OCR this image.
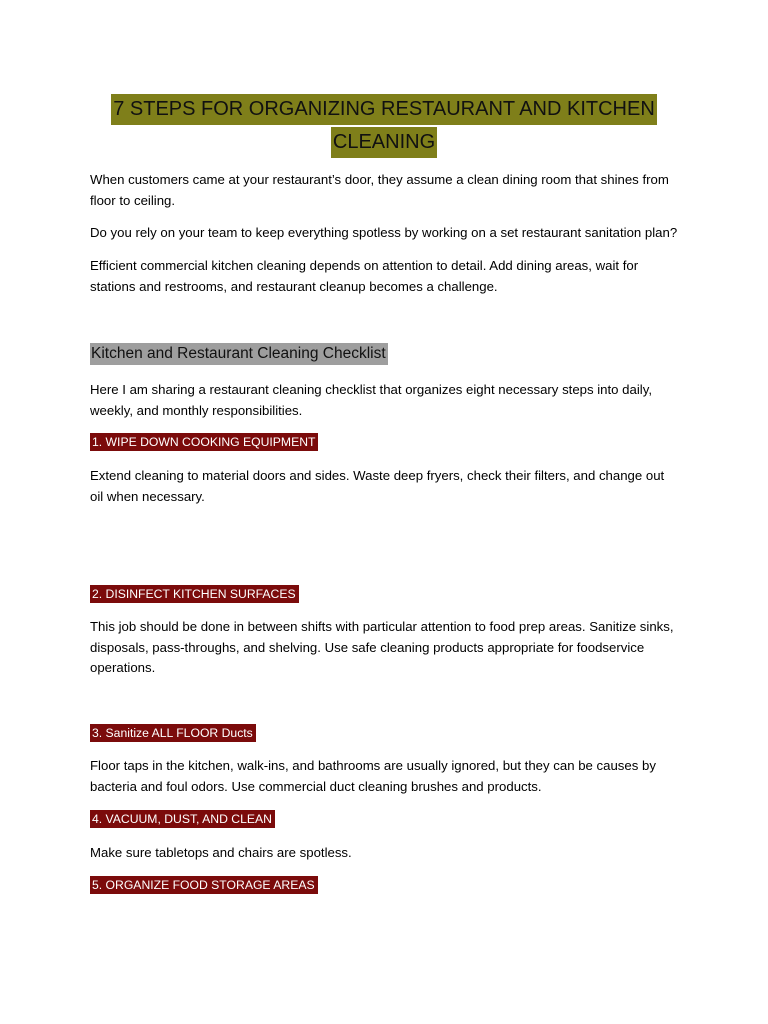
7 STEPS FOR ORGANIZING RESTAURANT AND KITCHEN
CLEANING

When customers came at your restaurant’s door, they assume a clean dining room that shines from floor to ceiling.

Do you rely on your team to keep everything spotless by working on a set restaurant sanitation plan?

Efficient commercial kitchen cleaning depends on attention to detail. Add dining areas, wait for stations and restrooms, and restaurant cleanup becomes a challenge.

Kitchen and Restaurant Cleaning Checklist

Here I am sharing a restaurant cleaning checklist that organizes eight necessary steps into daily, weekly, and monthly responsibilities.

1. WIPE DOWN COOKING EQUIPMENT

Extend cleaning to material doors and sides. Waste deep fryers, check their filters, and change out oil when necessary.

2. DISINFECT KITCHEN SURFACES

This job should be done in between shifts with particular attention to food prep areas. Sanitize sinks, disposals, pass-throughs, and shelving. Use safe cleaning products appropriate for foodservice operations.

3. Sanitize ALL FLOOR Ducts

Floor taps in the kitchen, walk-ins, and bathrooms are usually ignored, but they can be causes by bacteria and foul odors. Use commercial duct cleaning brushes and products.

4. VACUUM, DUST, AND CLEAN

Make sure tabletops and chairs are spotless.

5. ORGANIZE FOOD STORAGE AREAS
